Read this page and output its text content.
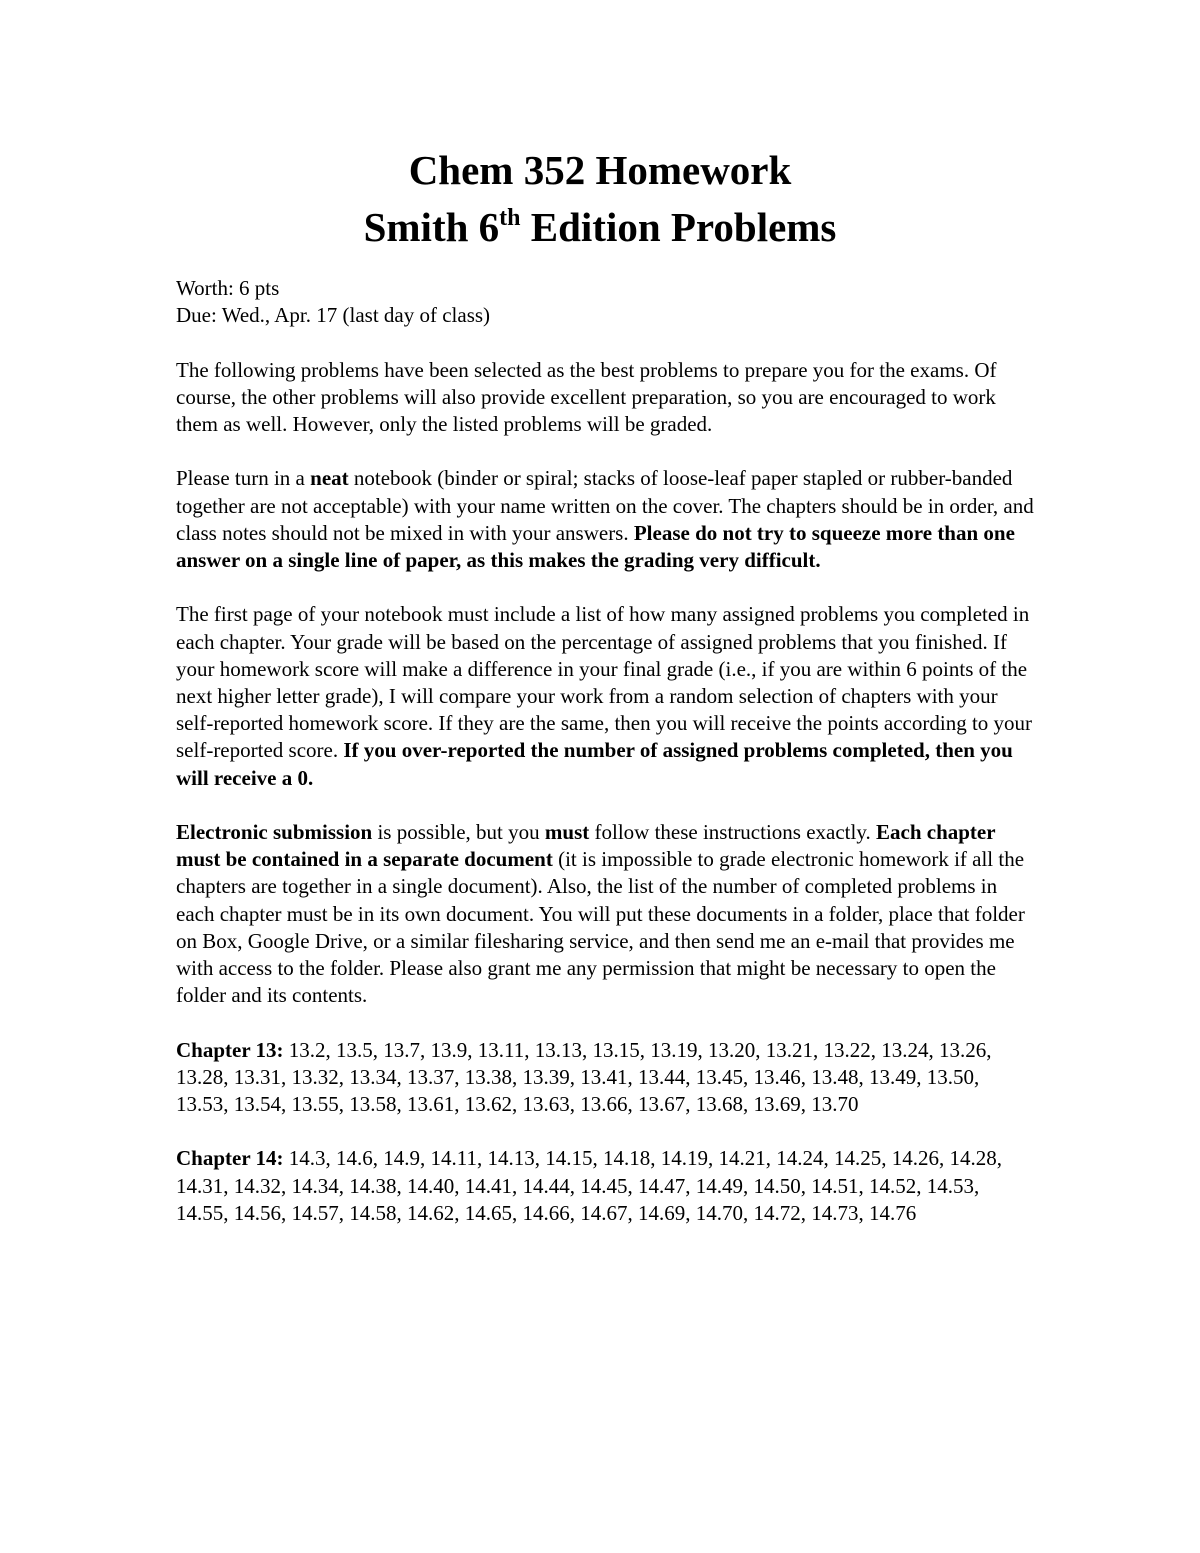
Chem 352 Homework
Smith 6th Edition Problems

Worth: 6 pts
Due: Wed., Apr. 17 (last day of class)

The following problems have been selected as the best problems to prepare you for the exams. Of course, the other problems will also provide excellent preparation, so you are encouraged to work them as well. However, only the listed problems will be graded.

Please turn in a neat notebook (binder or spiral; stacks of loose-leaf paper stapled or rubber-banded together are not acceptable) with your name written on the cover. The chapters should be in order, and class notes should not be mixed in with your answers. Please do not try to squeeze more than one answer on a single line of paper, as this makes the grading very difficult.

The first page of your notebook must include a list of how many assigned problems you completed in each chapter. Your grade will be based on the percentage of assigned problems that you finished. If your homework score will make a difference in your final grade (i.e., if you are within 6 points of the next higher letter grade), I will compare your work from a random selection of chapters with your self-reported homework score. If they are the same, then you will receive the points according to your self-reported score. If you over-reported the number of assigned problems completed, then you will receive a 0.

Electronic submission is possible, but you must follow these instructions exactly. Each chapter must be contained in a separate document (it is impossible to grade electronic homework if all the chapters are together in a single document). Also, the list of the number of completed problems in each chapter must be in its own document. You will put these documents in a folder, place that folder on Box, Google Drive, or a similar filesharing service, and then send me an e-mail that provides me with access to the folder. Please also grant me any permission that might be necessary to open the folder and its contents.

Chapter 13: 13.2, 13.5, 13.7, 13.9, 13.11, 13.13, 13.15, 13.19, 13.20, 13.21, 13.22, 13.24, 13.26, 13.28, 13.31, 13.32, 13.34, 13.37, 13.38, 13.39, 13.41, 13.44, 13.45, 13.46, 13.48, 13.49, 13.50, 13.53, 13.54, 13.55, 13.58, 13.61, 13.62, 13.63, 13.66, 13.67, 13.68, 13.69, 13.70

Chapter 14: 14.3, 14.6, 14.9, 14.11, 14.13, 14.15, 14.18, 14.19, 14.21, 14.24, 14.25, 14.26, 14.28, 14.31, 14.32, 14.34, 14.38, 14.40, 14.41, 14.44, 14.45, 14.47, 14.49, 14.50, 14.51, 14.52, 14.53, 14.55, 14.56, 14.57, 14.58, 14.62, 14.65, 14.66, 14.67, 14.69, 14.70, 14.72, 14.73, 14.76
